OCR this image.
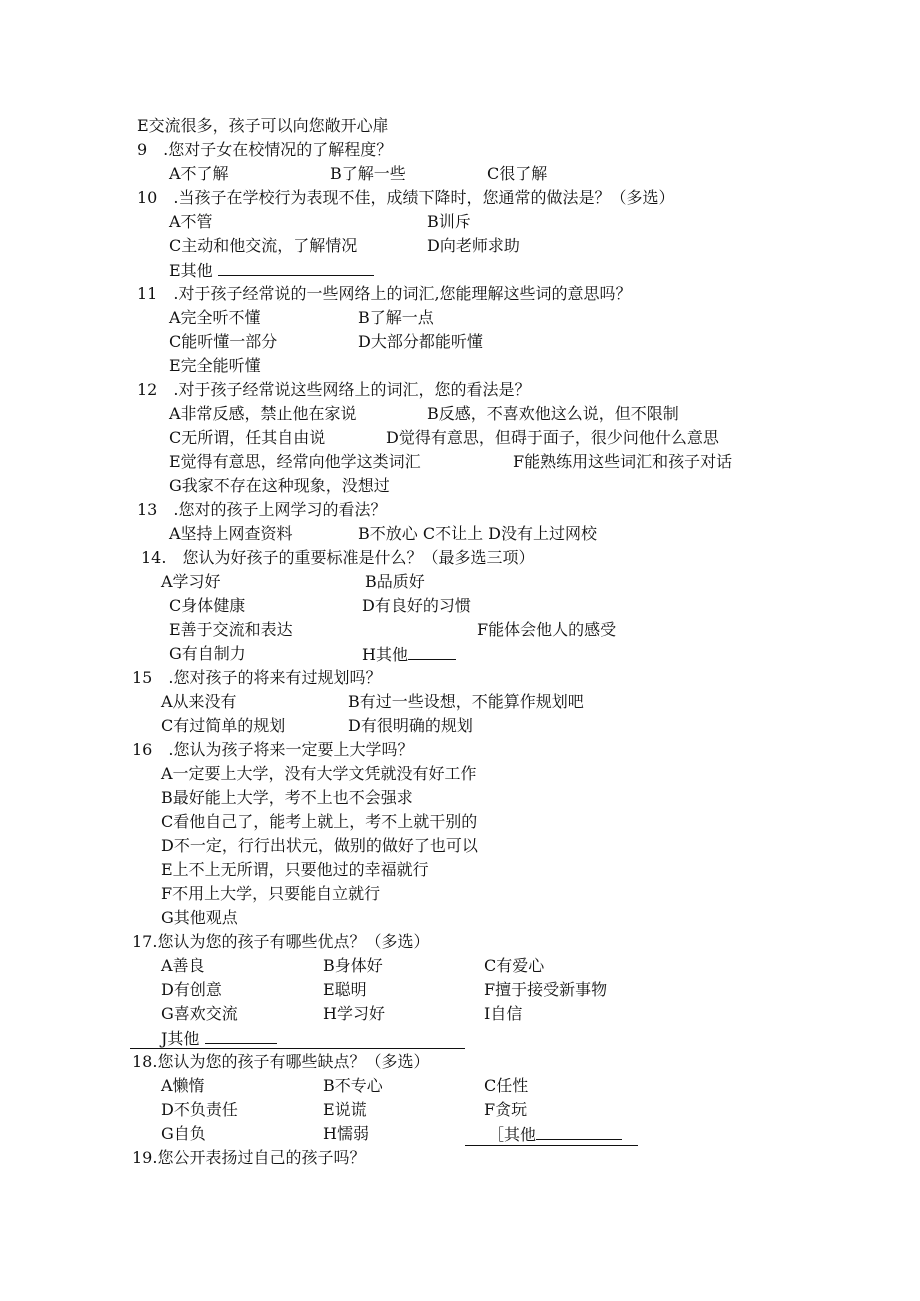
E交流很多，孩子可以向您敞开心扉
9　.您对子女在校情况的了解程度？
A不了解	B了解一些	C很了解
10　.当孩子在学校行为表现不佳，成绩下降时，您通常的做法是？（多选）
A不管	B训斥
C主动和他交流，了解情况	D向老师求助
E其他
11　.对于孩子经常说的一些网络上的词汇,您能理解这些词的意思吗？
A完全听不懂	B了解一点
C能听懂一部分	D大部分都能听懂
E完全能听懂
12　.对于孩子经常说这些网络上的词汇，您的看法是？
A非常反感，禁止他在家说	B反感，不喜欢他这么说，但不限制
C无所谓，任其自由说	D觉得有意思，但碍于面子，很少问他什么意思
E觉得有意思，经常向他学这类词汇	F能熟练用这些词汇和孩子对话
G我家不存在这种现象，没想过
13　.您对的孩子上网学习的看法？
A坚持上网查资料	B不放心 C不让上 D没有上过网校
14.　您认为好孩子的重要标准是什么？（最多选三项）
A学习好	B品质好
C身体健康	D有良好的习惯
E善于交流和表达	F能体会他人的感受
G有自制力	H其他
15　.您对孩子的将来有过规划吗？
A从来没有	B有过一些设想，不能算作规划吧
C有过简单的规划	D有很明确的规划
16　.您认为孩子将来一定要上大学吗？
A一定要上大学，没有大学文凭就没有好工作
B最好能上大学，考不上也不会强求
C看他自己了，能考上就上，考不上就干别的
D不一定，行行出状元，做别的做好了也可以
E上不上无所谓，只要他过的幸福就行
F不用上大学，只要能自立就行
G其他观点
17.您认为您的孩子有哪些优点？（多选）
A善良	B身体好	C有爱心
D有创意	E聪明	F擅于接受新事物
G喜欢交流	H学习好	I自信
J其他
18.您认为您的孩子有哪些缺点？（多选）
A懒惰	B不专心	C任性
D不负责任	E说谎	F贪玩
G自负	H懦弱	［其他
19.您公开表扬过自己的孩子吗？
